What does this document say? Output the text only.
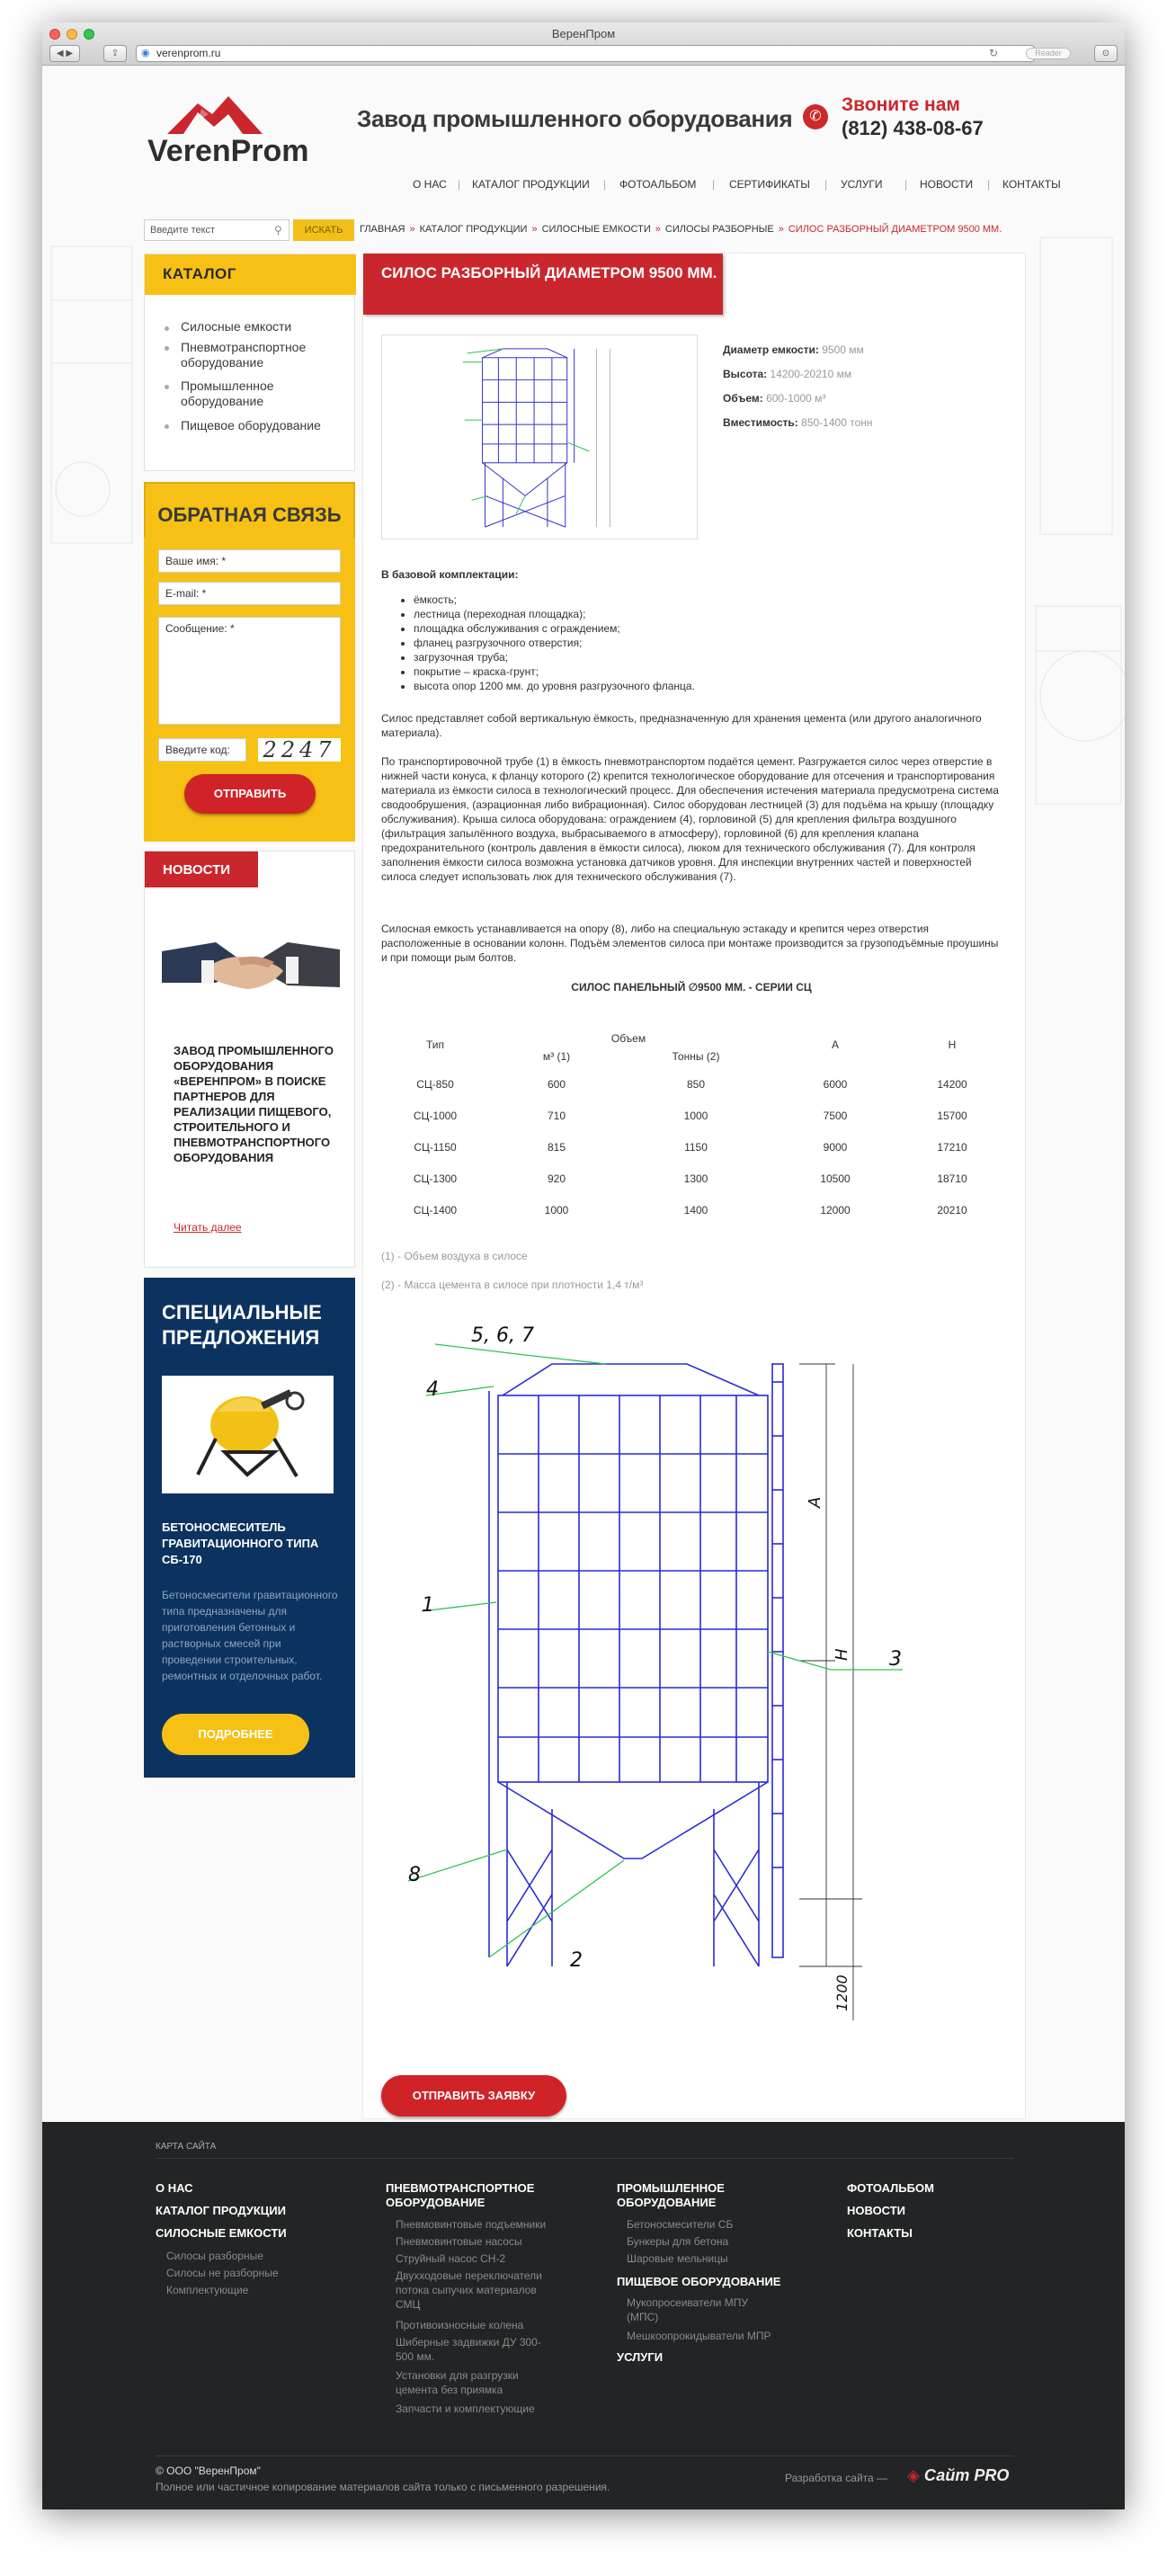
ВеренПром
◀ ▶	⇪	◉ verenprom.ru	↻	Reader	⊙
VerenProm
Завод промышленного оборудования	✆
Звоните нам
(812) 438-08-67
О НАС | КАТАЛОГ ПРОДУКЦИИ | ФОТОАЛЬБОМ | СЕРТИФИКАТЫ | УСЛУГИ | НОВОСТИ | КОНТАКТЫ
Введите текст	⚲	ИСКАТЬ	ГЛАВНАЯ » КАТАЛОГ ПРОДУКЦИИ » СИЛОСНЫЕ ЕМКОСТИ » СИЛОСЫ РАЗБОРНЫЕ » СИЛОС РАЗБОРНЫЙ ДИАМЕТРОМ 9500 ММ.
КАТАЛОГ
Силосные емкости
Пневмотранспортное оборудование
Промышленное оборудование
Пищевое оборудование
ОБРАТНАЯ СВЯЗЬ
Ваше имя: *
E-mail: *
Сообщение: *
Введите код:	2247
ОТПРАВИТЬ
НОВОСТИ
ЗАВОД ПРОМЫШЛЕННОГО ОБОРУДОВАНИЯ «ВЕРЕНПРОМ» В ПОИСКЕ ПАРТНЕРОВ ДЛЯ РЕАЛИЗАЦИИ ПИЩЕВОГО, СТРОИТЕЛЬНОГО И ПНЕВМОТРАНСПОРТНОГО ОБОРУДОВАНИЯ
Читать далее
СПЕЦИАЛЬНЫЕ ПРЕДЛОЖЕНИЯ
БЕТОНОСМЕСИТЕЛЬ ГРАВИТАЦИОННОГО ТИПА СБ-170
Бетоносмесители гравитационного типа предназначены для приготовления бетонных и растворных смесей при проведении строительных, ремонтных и отделочных работ.
ПОДРОБНЕЕ
СИЛОС РАЗБОРНЫЙ ДИАМЕТРОМ 9500 ММ.
Диаметр емкости: 9500 мм
Высота: 14200-20210 мм
Объем: 600-1000 м³
Вместимость: 850-1400 тонн
В базовой комплектации:
• ёмкость;
• лестница (переходная площадка);
• площадка обслуживания с ограждением;
• фланец разгрузочного отверстия;
• загрузочная труба;
• покрытие – краска-грунт;
• высота опор 1200 мм. до уровня разгрузочного фланца.
Силос представляет собой вертикальную ёмкость, предназначенную для хранения цемента (или другого аналогичного материала).
По транспортировочной трубе (1) в ёмкость пневмотранспортом подаётся цемент. Разгружается силос через отверстие в нижней части конуса, к фланцу которого (2) крепится технологическое оборудование для отсечения и транспортирования материала из ёмкости силоса в технологический процесс. Для обеспечения истечения материала предусмотрена система сводообрушения, (аэрационная либо вибрационная). Силос оборудован лестницей (3) для подъёма на крышу (площадку обслуживания). Крыша силоса оборудована: ограждением (4), горловиной (5) для крепления фильтра воздушного (фильтрация запылённого воздуха, выбрасываемого в атмосферу), горловиной (6) для крепления клапана предохранительного (контроль давления в ёмкости силоса), люком для технического обслуживания (7). Для контроля заполнения ёмкости силоса возможна установка датчиков уровня. Для инспекции внутренних частей и поверхностей силоса следует использовать люк для технического обслуживания (7).
Силосная емкость устанавливается на опору (8), либо на специальную эстакаду и крепится через отверстия расположенные в основании колонн. Подъём элементов силоса при монтаже производится за грузоподъёмные проушины и при помощи рым болтов.
СИЛОС ПАНЕЛЬНЫЙ ∅9500 ММ. - СЕРИИ СЦ
Тип	Объем		A	H
	м³ (1)	Тонны (2)		
СЦ-850	600	850	6000	14200
СЦ-1000	710	1000	7500	15700
СЦ-1150	815	1150	9000	17210
СЦ-1300	920	1300	10500	18710
СЦ-1400	1000	1400	12000	20210
(1) - Объем воздуха в силосе
(2) - Масса цемента в силосе при плотности 1,4 т/м³
5, 6, 7
4
1
3
8
2
A
H
1200
ОТПРАВИТЬ ЗАЯВКУ
КАРТА САЙТА
О НАС
КАТАЛОГ ПРОДУКЦИИ
СИЛОСНЫЕ ЕМКОСТИ
Силосы разборные
Силосы не разборные
Комплектующие
ПНЕВМОТРАНСПОРТНОЕ ОБОРУДОВАНИЕ
Пневмовинтовые подъемники
Пневмовинтовые насосы
Струйный насос СН-2
Двухходовые переключатели потока сыпучих материалов СМЦ
Противоизносные колена
Шиберные задвижки ДУ 300-500 мм.
Установки для разгрузки цемента без приямка
Запчасти и комплектующие
ПРОМЫШЛЕННОЕ ОБОРУДОВАНИЕ
Бетоносмесители СБ
Бункеры для бетона
Шаровые мельницы
ПИЩЕВОЕ ОБОРУДОВАНИЕ
Мукопросеиватели МПУ (МПС)
Мешкоопрокидыватели МПР
УСЛУГИ
ФОТОАЛЬБОМ
НОВОСТИ
КОНТАКТЫ
© ООО "ВеренПром"
Полное или частичное копирование материалов сайта только с письменного разрешения.
Разработка сайта — ◈ Сайт PRO
